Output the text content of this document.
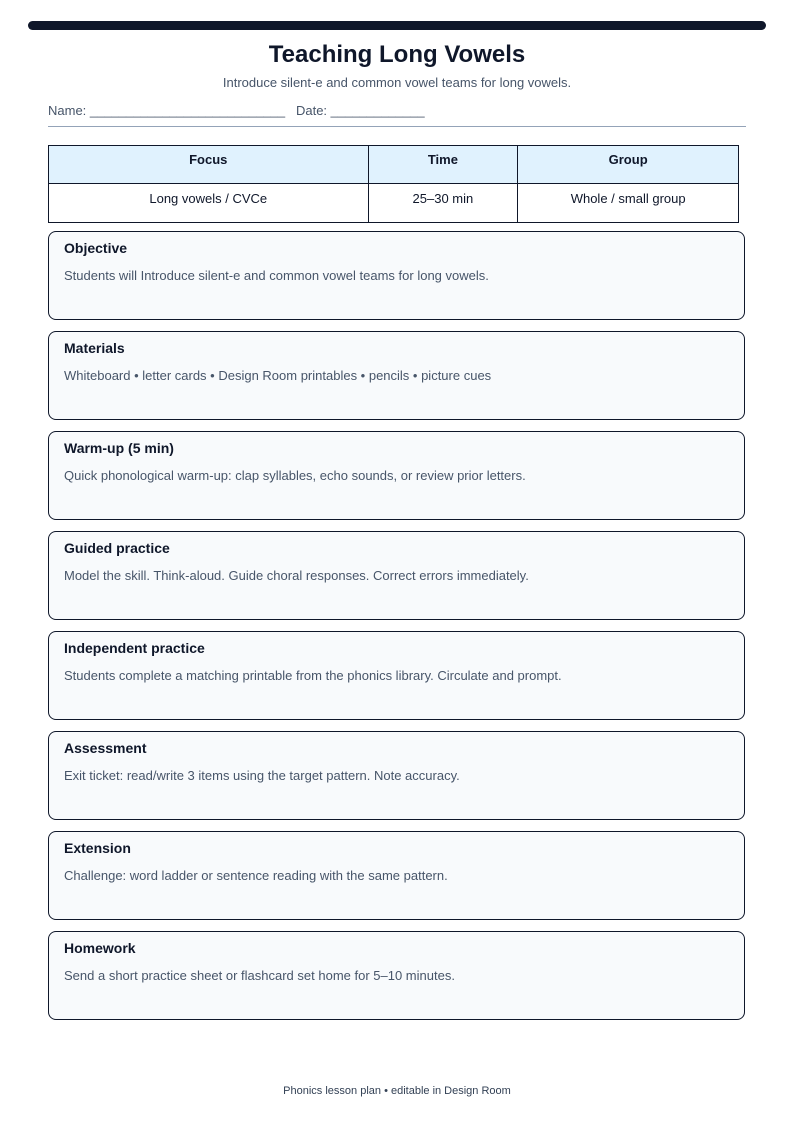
Teaching Long Vowels
Introduce silent-e and common vowel teams for long vowels.
Name: ___________________________ Date: _____________
Focus	Time	Group
Long vowels / CVCe	25–30 min	Whole / small group
Objective

Students will Introduce silent-e and common vowel teams for long vowels.

Materials

Whiteboard • letter cards • Design Room printables • pencils • picture cues

Warm-up (5 min)

Quick phonological warm-up: clap syllables, echo sounds, or review prior letters.

Guided practice

Model the skill. Think-aloud. Guide choral responses. Correct errors immediately.

Independent practice

Students complete a matching printable from the phonics library. Circulate and prompt.

Assessment

Exit ticket: read/write 3 items using the target pattern. Note accuracy.

Extension

Challenge: word ladder or sentence reading with the same pattern.

Homework

Send a short practice sheet or flashcard set home for 5–10 minutes.

Phonics lesson plan • editable in Design Room
